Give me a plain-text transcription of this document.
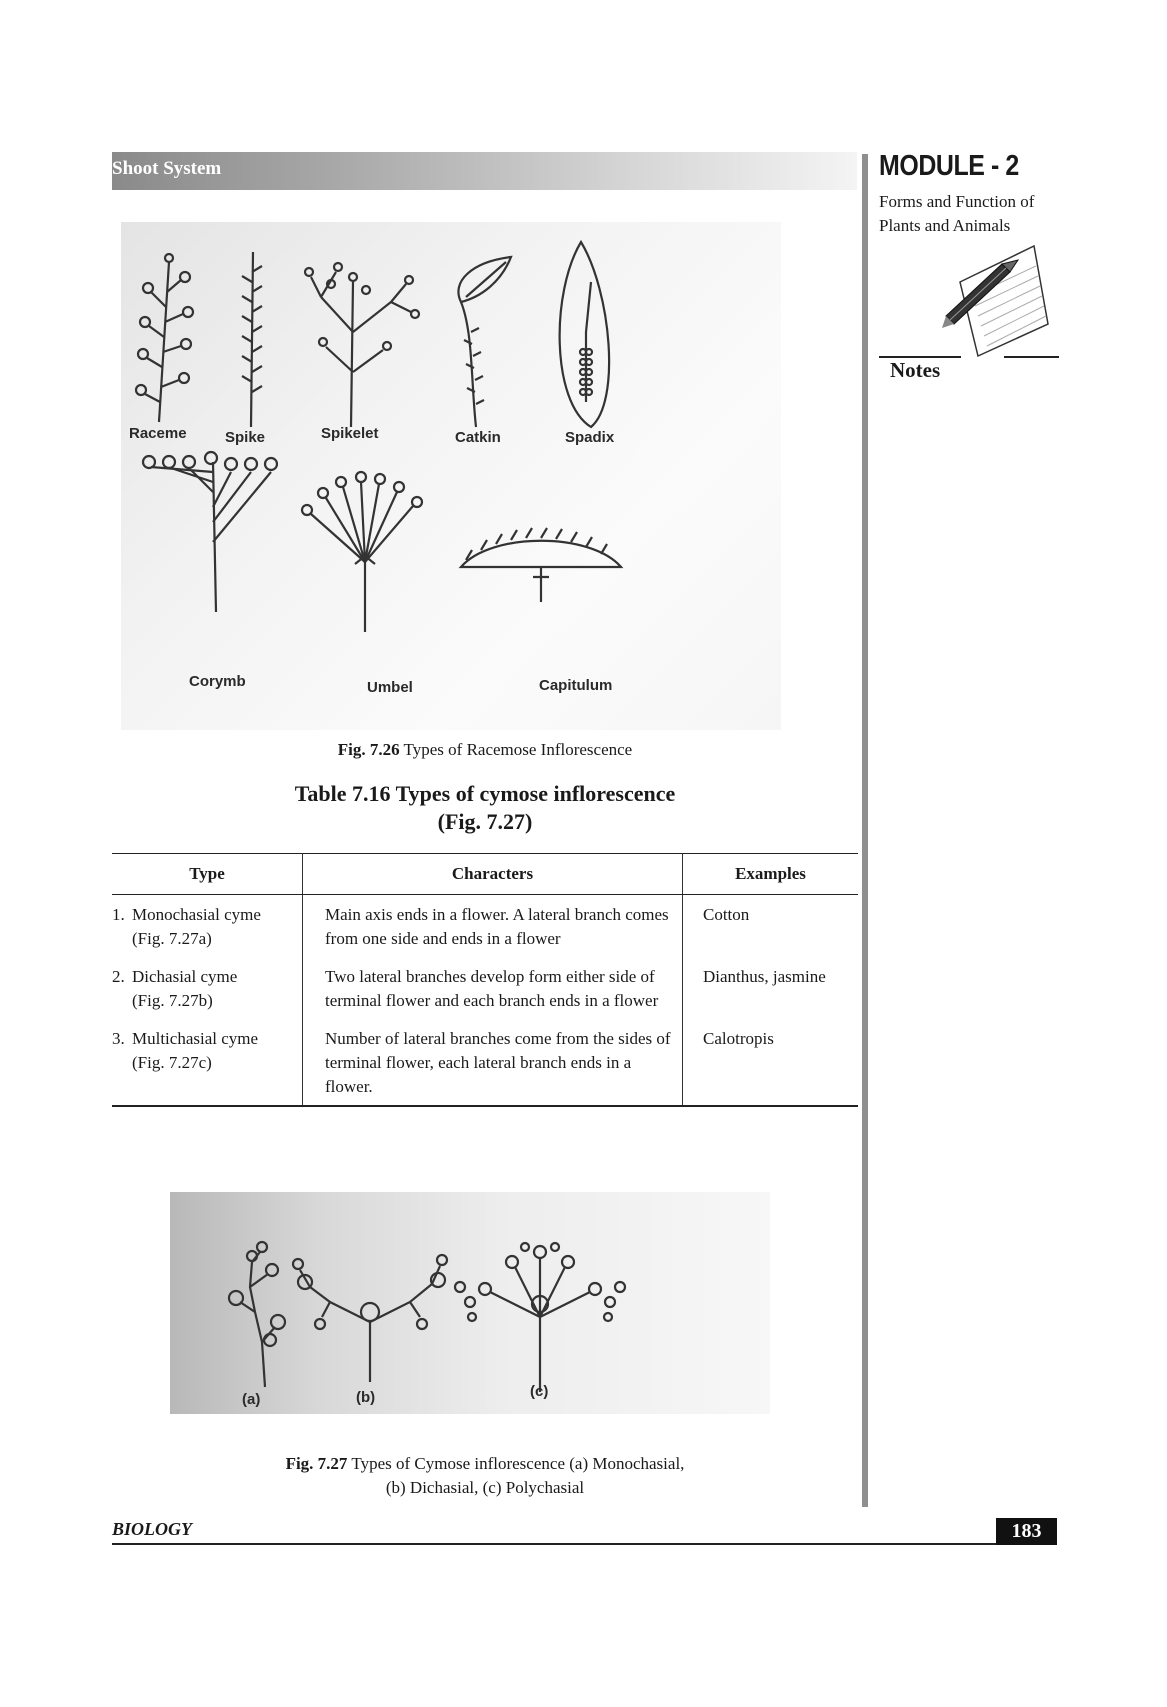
Shoot System	MODULE - 2
Forms and Function of Plants and Animals
Notes
Raceme	Spike	Spikelet	Catkin	Spadix
Corymb	Umbel	Capitulum
Fig. 7.26 Types of Racemose Inflorescence
Table 7.16 Types of cymose inflorescence
(Fig. 7.27)
Type	Characters	Examples
1. Monochasial cyme
(Fig. 7.27a)	Main axis ends in a flower. A lateral branch comes from one side and ends in a flower	Cotton
2. Dichasial cyme
(Fig. 7.27b)	Two lateral branches develop form either side of terminal flower and each branch ends in a flower	Dianthus, jasmine
3. Multichasial cyme
(Fig. 7.27c)	Number of lateral branches come from the sides of terminal flower, each lateral branch ends in a flower.	Calotropis
(a)	(b)	(c)
Fig. 7.27 Types of Cymose inflorescence (a) Monochasial,
(b) Dichasial, (c) Polychasial
BIOLOGY	183
